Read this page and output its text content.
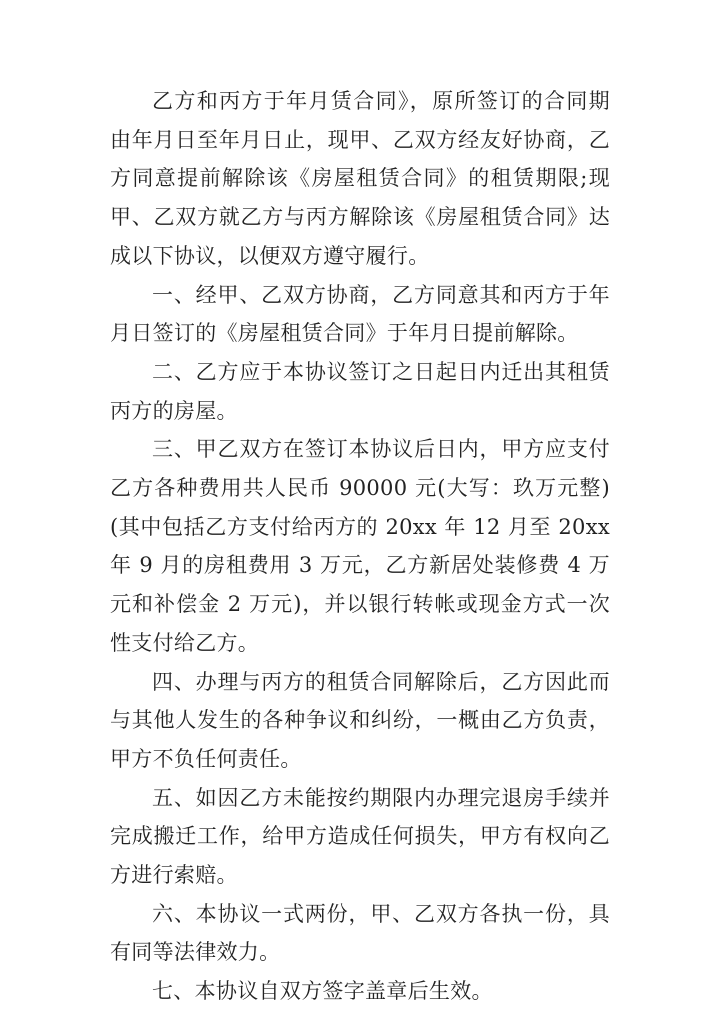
乙方和丙方于年月赁合同》，原所签订的合同期由年月日至年月日止，现甲、乙双方经友好协商，乙方同意提前解除该《房屋租赁合同》的租赁期限;现甲、乙双方就乙方与丙方解除该《房屋租赁合同》达成以下协议，以便双方遵守履行。

一、经甲、乙双方协商，乙方同意其和丙方于年月日签订的《房屋租赁合同》于年月日提前解除。

二、乙方应于本协议签订之日起日内迁出其租赁丙方的房屋。

三、甲乙双方在签订本协议后日内，甲方应支付乙方各种费用共人民币 90000 元(大写：玖万元整)(其中包括乙方支付给丙方的 20xx 年 12 月至 20xx 年 9 月的房租费用 3 万元，乙方新居处装修费 4 万元和补偿金 2 万元)，并以银行转帐或现金方式一次性支付给乙方。

四、办理与丙方的租赁合同解除后，乙方因此而与其他人发生的各种争议和纠纷，一概由乙方负责，甲方不负任何责任。

五、如因乙方未能按约期限内办理完退房手续并完成搬迁工作，给甲方造成任何损失，甲方有权向乙方进行索赔。

六、本协议一式两份，甲、乙双方各执一份，具有同等法律效力。

七、本协议自双方签字盖章后生效。
